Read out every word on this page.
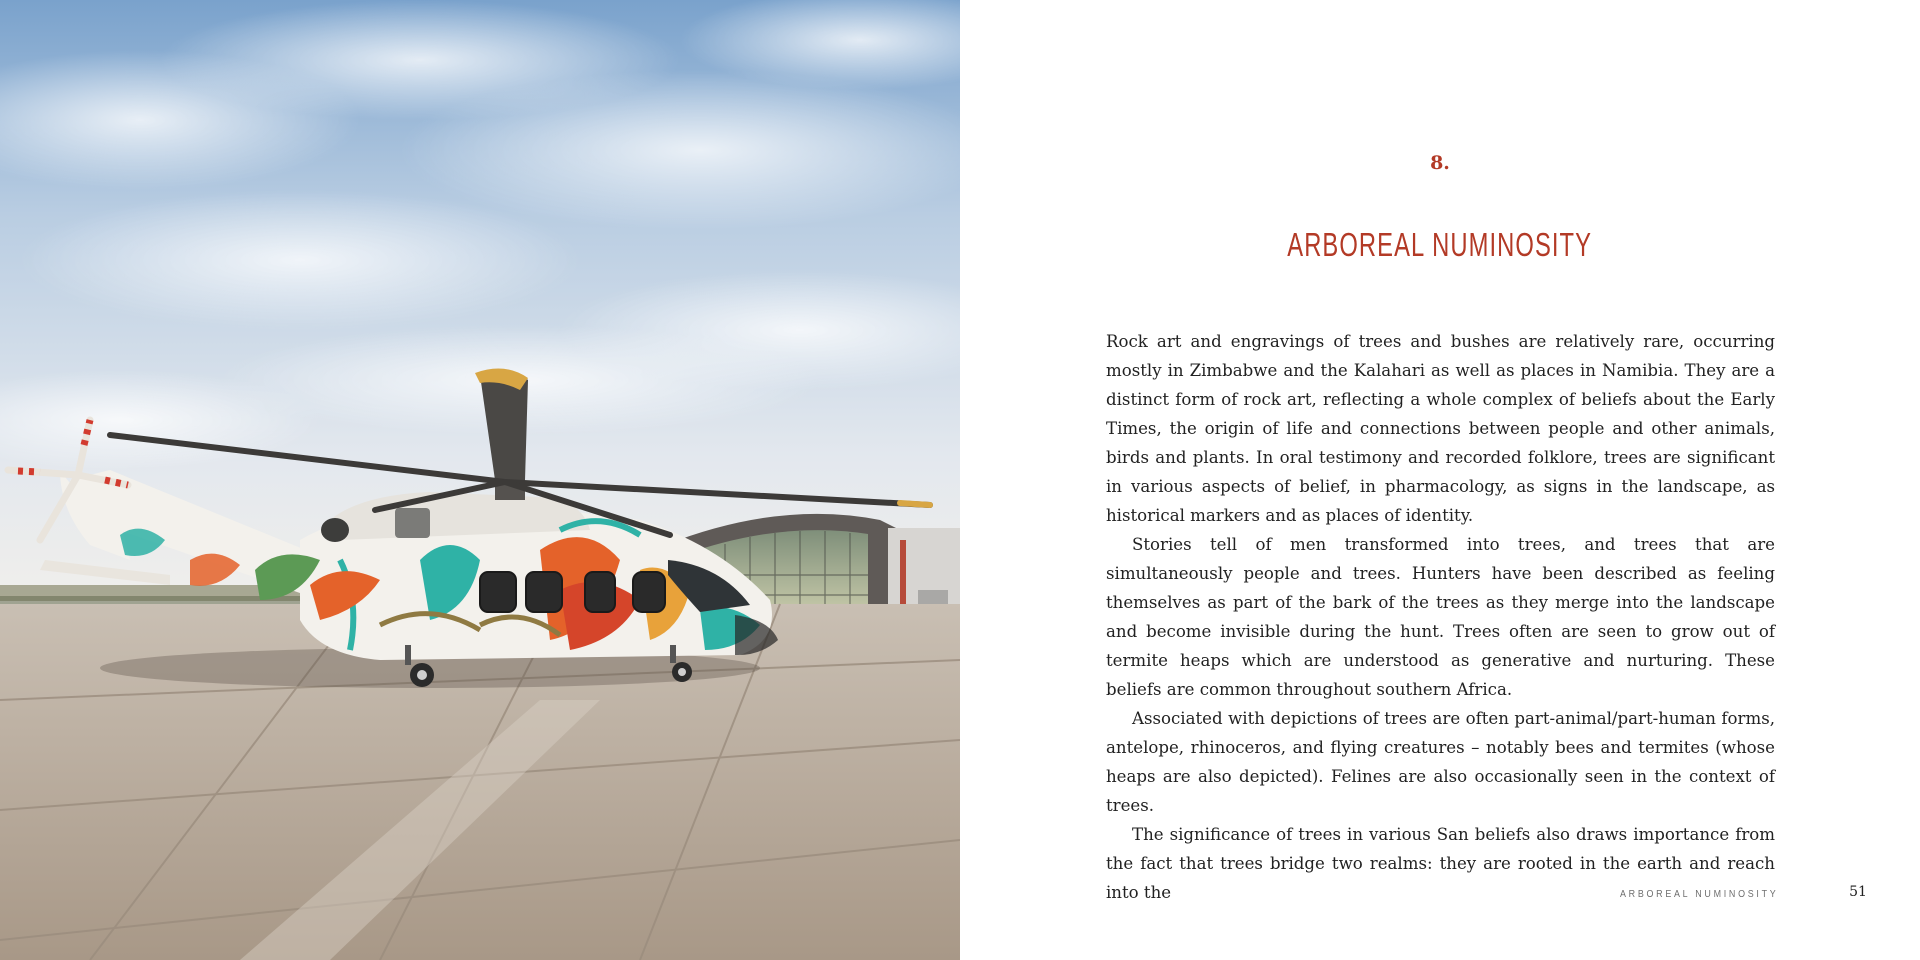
8.
ARBOREAL NUMINOSITY

Rock art and engravings of trees and bushes are relatively rare, occurring mostly in Zimbabwe and the Kalahari as well as places in Namibia. They are a distinct form of rock art, reflecting a whole complex of beliefs about the Early Times, the origin of life and connections between people and other animals, birds and plants. In oral testimony and recorded folklore, trees are significant in various aspects of belief, in pharmacology, as signs in the landscape, as historical markers and as places of identity.

Stories tell of men transformed into trees, and trees that are simultaneously people and trees. Hunters have been described as feeling themselves as part of the bark of the trees as they merge into the landscape and become invisible during the hunt. Trees often are seen to grow out of termite heaps which are understood as generative and nurturing. These beliefs are common throughout southern Africa.

Associated with depictions of trees are often part-animal/part-human forms, antelope, rhinoceros, and flying creatures – notably bees and termites (whose heaps are also depicted). Felines are also occasionally seen in the context of trees.

The significance of trees in various San beliefs also draws importance from the fact that trees bridge two realms: they are rooted in the earth and reach into the	ARBOREAL NUMINOSITY	51
